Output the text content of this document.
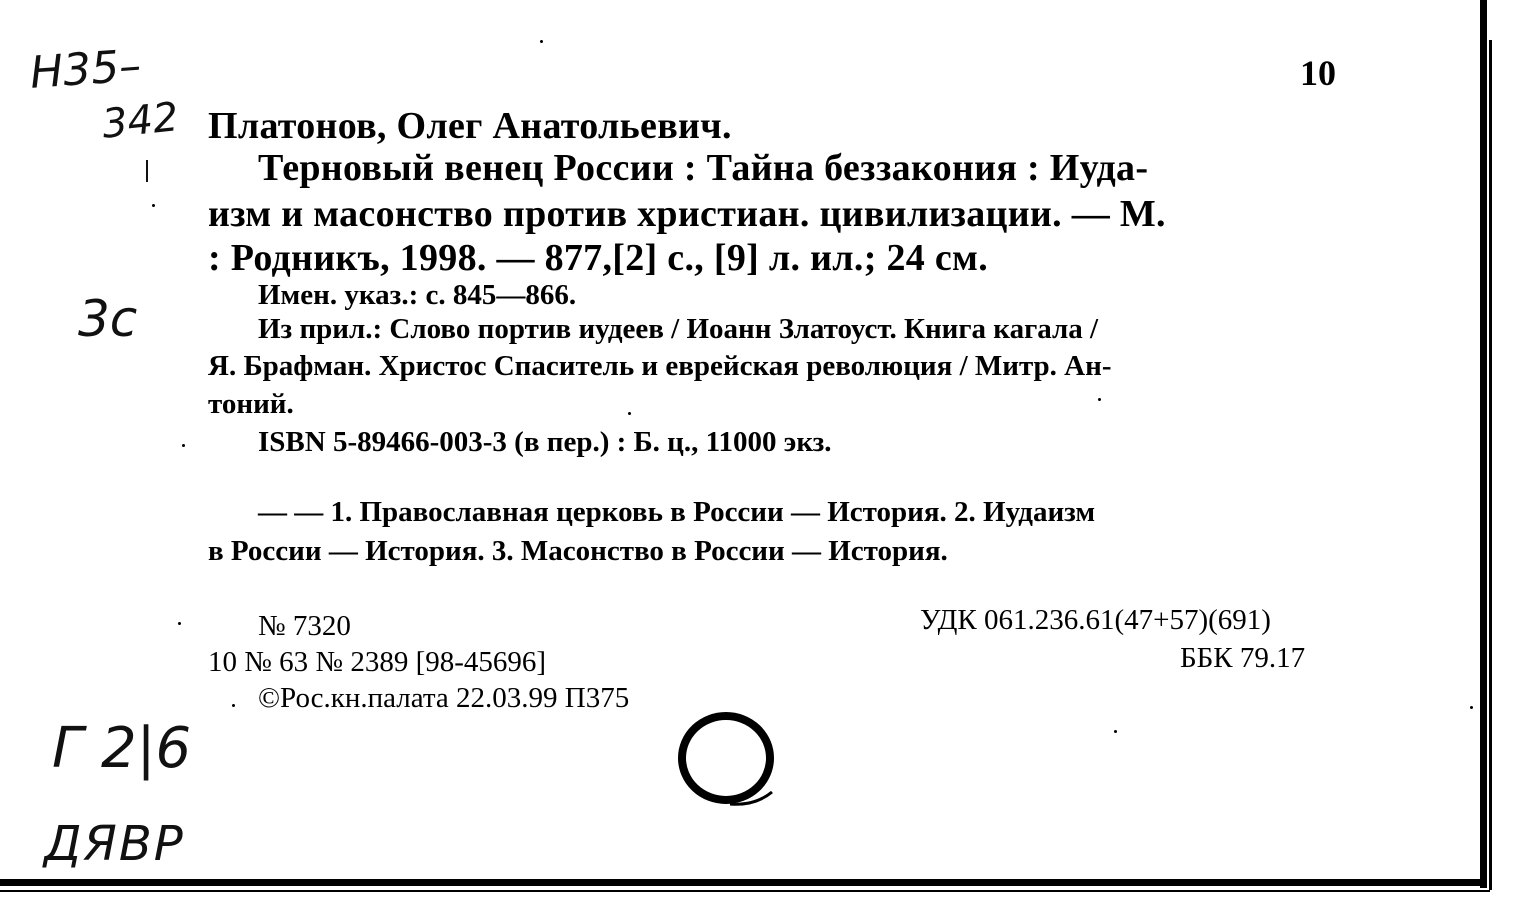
10
Н35–
342
3с
Г 2|6
ДЯВР
Платонов, Олег Анатольевич.
Терновый венец России : Тайна беззакония : Иуда-
изм и масонство против христиан. цивилизации. — М.
: Родникъ, 1998. — 877,[2] с., [9] л. ил.; 24 см.
Имен. указ.: с. 845—866.
Из прил.: Слово портив иудеев / Иоанн Златоуст. Книга кагала /
Я. Брафман. Христос Спаситель и еврейская революция / Митр. Ан-
тоний.
ISBN 5-89466-003-3 (в пер.) : Б. ц., 11000 экз.
— — 1. Православная церковь в России — История. 2. Иудаизм
в России — История. 3. Масонство в России — История.
№ 7320
10 № 63 № 2389 [98-45696]
©Рос.кн.палата 22.03.99 П375
УДК 061.236.61(47+57)(691)
ББК 79.17
